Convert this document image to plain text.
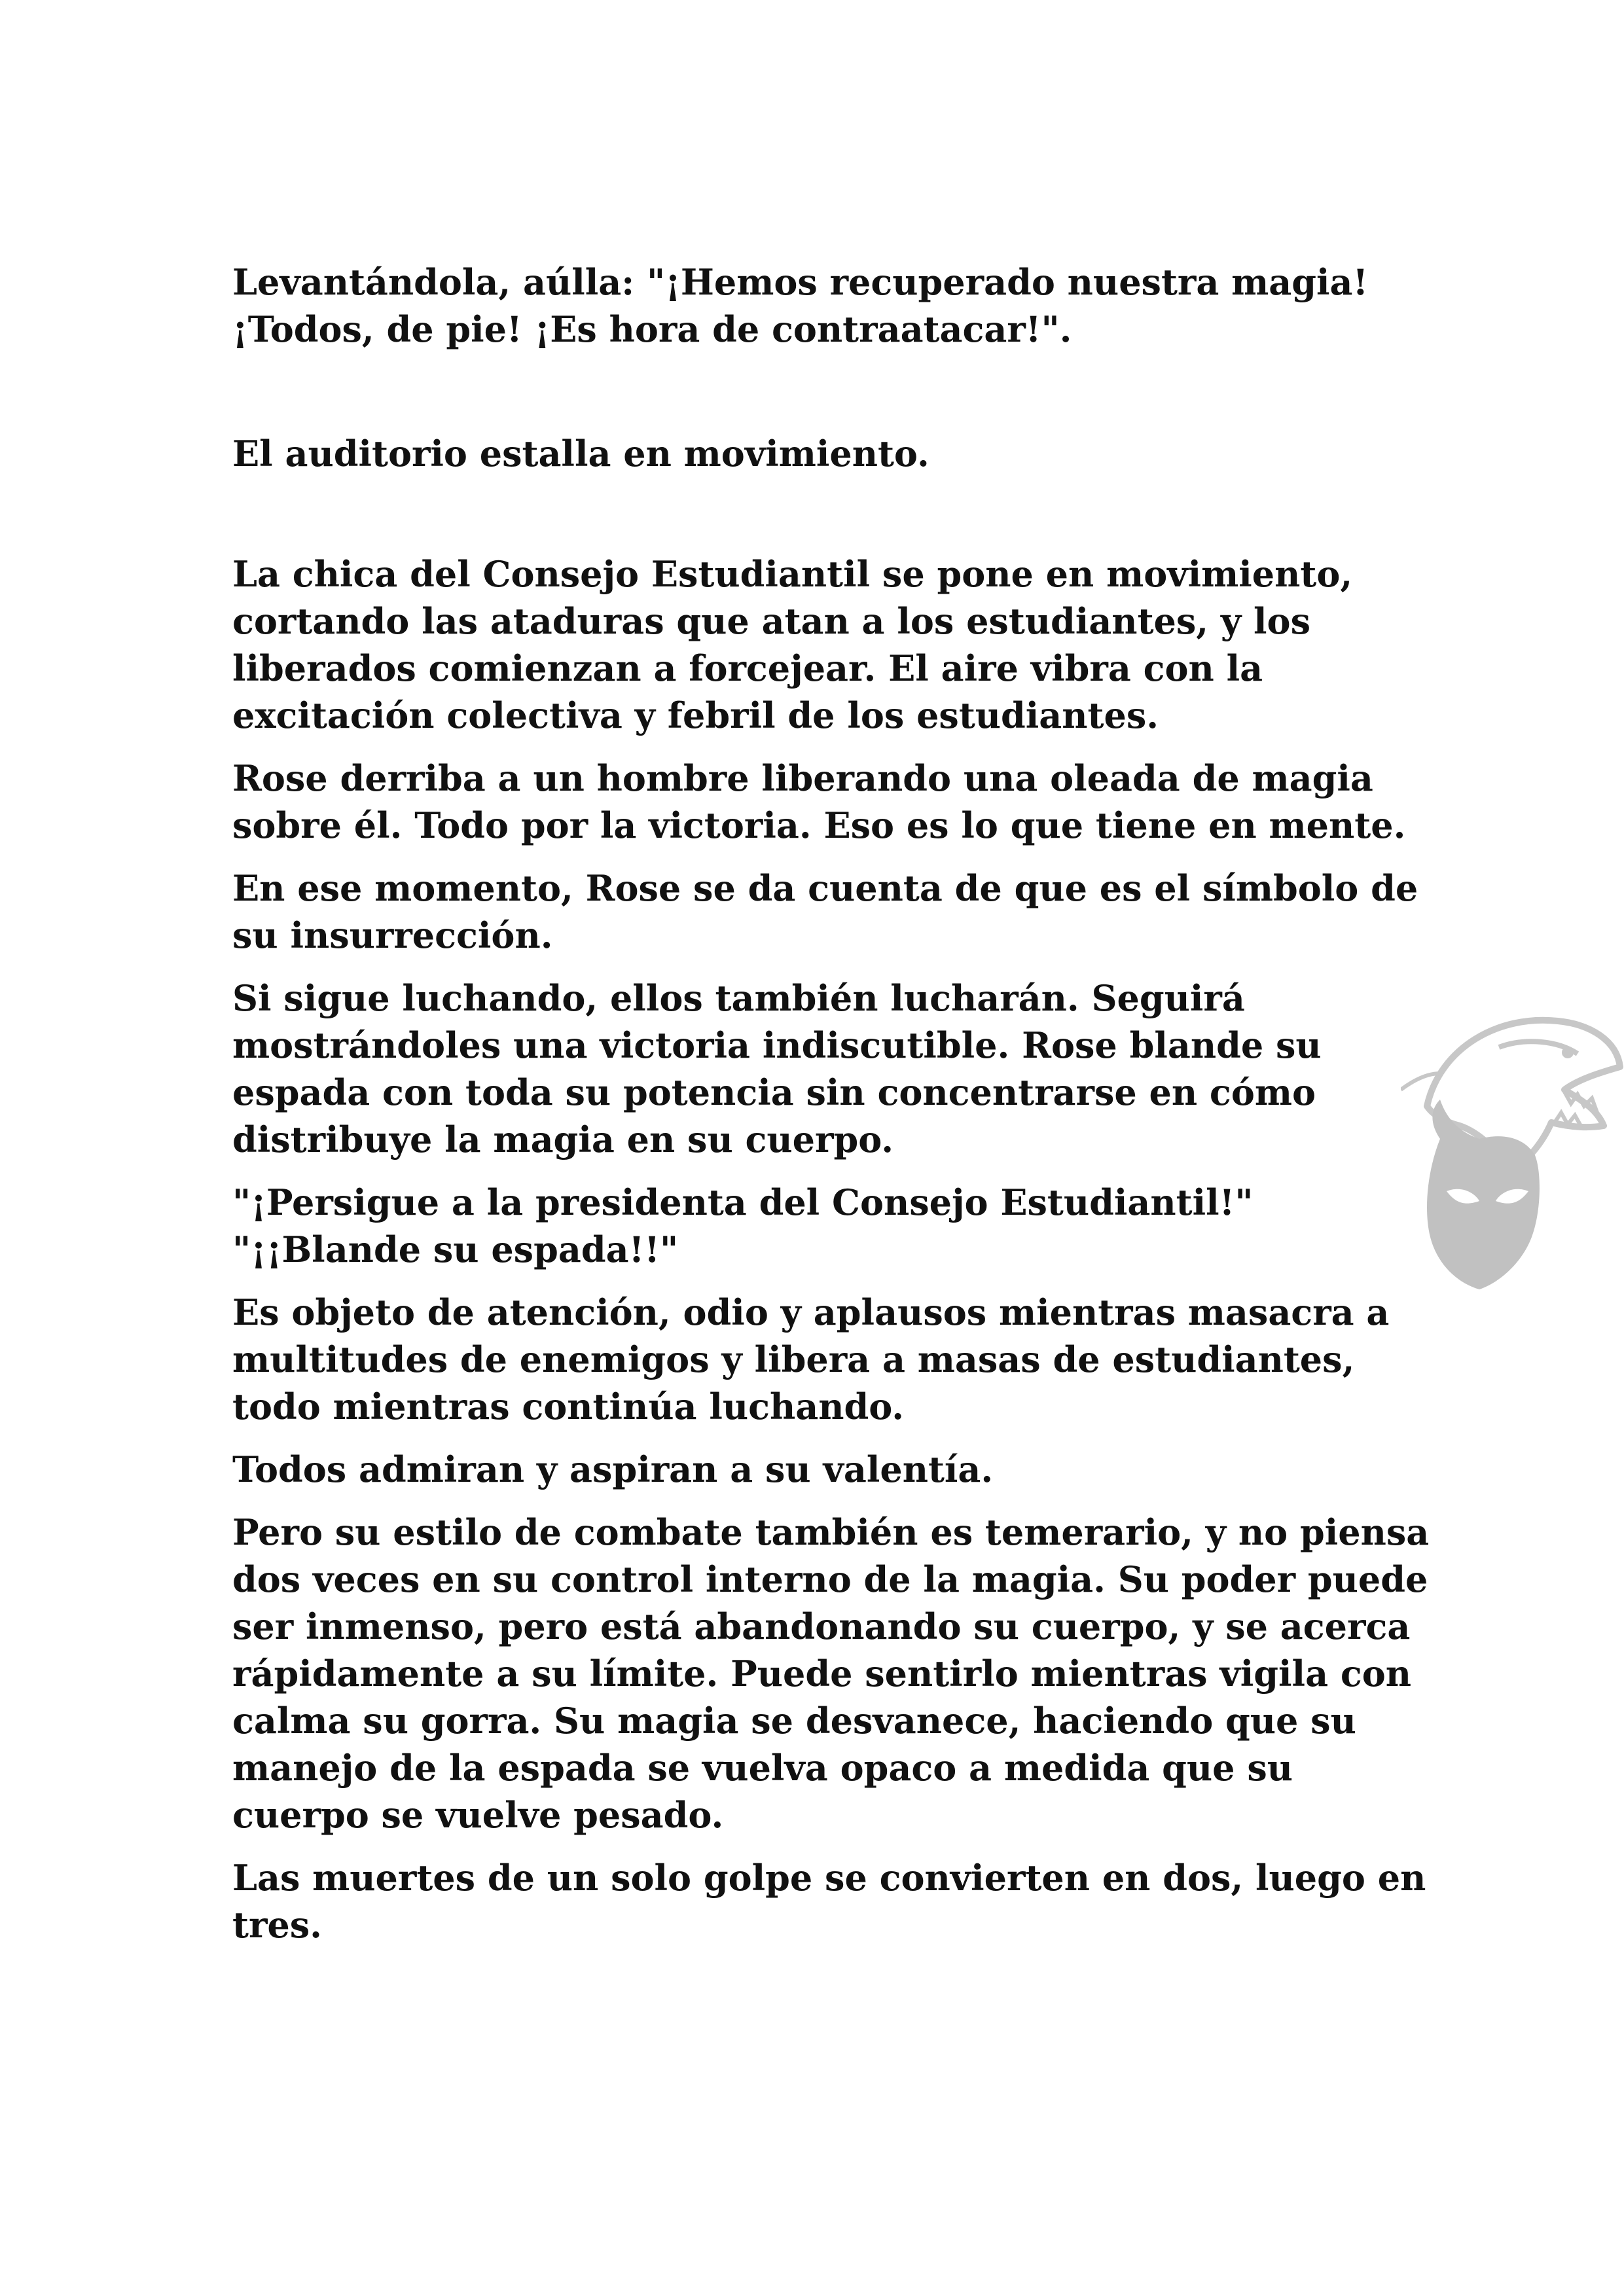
Levantándola, aúlla: "¡Hemos recuperado nuestra magia! ¡Todos, de pie! ¡Es hora de contraatacar!".

El auditorio estalla en movimiento.

La chica del Consejo Estudiantil se pone en movimiento, cortando las ataduras que atan a los estudiantes, y los liberados comienzan a forcejear. El aire vibra con la excitación colectiva y febril de los estudiantes.

Rose derriba a un hombre liberando una oleada de magia sobre él. Todo por la victoria. Eso es lo que tiene en mente.

En ese momento, Rose se da cuenta de que es el símbolo de su insurrección.

Si sigue luchando, ellos también lucharán. Seguirá mostrándoles una victoria indiscutible. Rose blande su espada con toda su potencia sin concentrarse en cómo distribuye la magia en su cuerpo.

"¡Persigue a la presidenta del Consejo Estudiantil!" "¡¡Blande su espada!!"

Es objeto de atención, odio y aplausos mientras masacra a multitudes de enemigos y libera a masas de estudiantes, todo mientras continúa luchando.

Todos admiran y aspiran a su valentía.

Pero su estilo de combate también es temerario, y no piensa dos veces en su control interno de la magia. Su poder puede ser inmenso, pero está abandonando su cuerpo, y se acerca rápidamente a su límite. Puede sentirlo mientras vigila con calma su gorra. Su magia se desvanece, haciendo que su manejo de la espada se vuelva opaco a medida que su cuerpo se vuelve pesado.

Las muertes de un solo golpe se convierten en dos, luego en tres.
